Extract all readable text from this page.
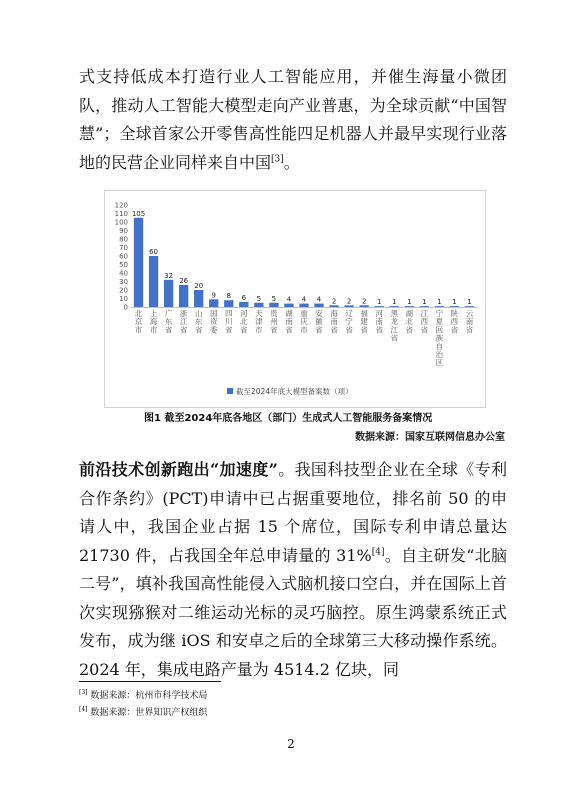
式支持低成本打造行业人工智能应用，并催生海量小微团队，推动人工智能大模型走向产业普惠，为全球贡献“中国智慧”；全球首家公开零售高性能四足机器人并最早实现行业落地的民营企业同样来自中国[3]。

0
10
20
30
40
50
60
70
80
90
100
110
120
105
北京市
60
上海市
32
广东省
26
浙江省
20
山东省
9
国资委
8
四川省
6
河北省
5
天津市
5
贵州省
4
湖南省
4
重庆市
4
安徽省
2
海南省
2
辽宁省
2
福建省
1
河南省
1
黑龙江省
1
湖北省
1
江西省
1
宁夏回族自治区
1
陕西省
1
云南省
截至2024年底大模型备案数（项）
图1 截至2024年底各地区（部门）生成式人工智能服务备案情况
数据来源：国家互联网信息办公室

前沿技术创新跑出“加速度”。我国科技型企业在全球《专利合作条约》(PCT)申请中已占据重要地位，排名前 50 的申请人中，我国企业占据 15 个席位，国际专利申请总量达 21730 件，占我国全年总申请量的 31%[4]。自主研发“北脑二号”，填补我国高性能侵入式脑机接口空白，并在国际上首次实现猕猴对二维运动光标的灵巧脑控。原生鸿蒙系统正式发布，成为继 iOS 和安卓之后的全球第三大移动操作系统。2024 年，集成电路产量为 4514.2 亿块，同

[3] 数据来源：杭州市科学技术局
[4] 数据来源：世界知识产权组织
2
